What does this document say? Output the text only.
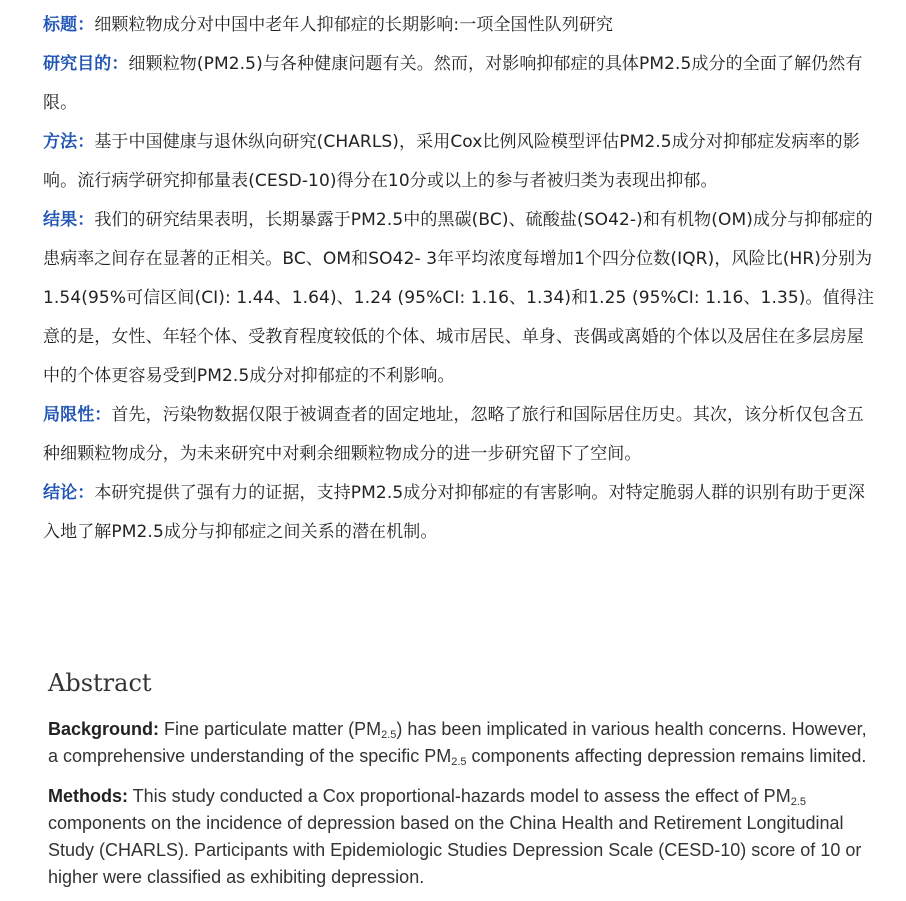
标题：细颗粒物成分对中国中老年人抑郁症的长期影响:一项全国性队列研究

研究目的：细颗粒物(PM2.5)与各种健康问题有关。然而，对影响抑郁症的具体PM2.5成分的全面了解仍然有限。

方法：基于中国健康与退休纵向研究(CHARLS)，采用Cox比例风险模型评估PM2.5成分对抑郁症发病率的影响。流行病学研究抑郁量表(CESD-10)得分在10分或以上的参与者被归类为表现出抑郁。

结果：我们的研究结果表明，长期暴露于PM2.5中的黑碳(BC)、硫酸盐(SO42-)和有机物(OM)成分与抑郁症的患病率之间存在显著的正相关。BC、OM和SO42- 3年平均浓度每增加1个四分位数(IQR)，风险比(HR)分别为1.54(95%可信区间(CI): 1.44、1.64)、1.24 (95%CI: 1.16、1.34)和1.25 (95%CI: 1.16、1.35)。值得注意的是，女性、年轻个体、受教育程度较低的个体、城市居民、单身、丧偶或离婚的个体以及居住在多层房屋中的个体更容易受到PM2.5成分对抑郁症的不利影响。

局限性：首先，污染物数据仅限于被调查者的固定地址，忽略了旅行和国际居住历史。其次，该分析仅包含五种细颗粒物成分，为未来研究中对剩余细颗粒物成分的进一步研究留下了空间。

结论：本研究提供了强有力的证据，支持PM2.5成分对抑郁症的有害影响。对特定脆弱人群的识别有助于更深入地了解PM2.5成分与抑郁症之间关系的潜在机制。

Abstract

Background: Fine particulate matter $(PM_{2.5})$ has been implicated in various health concerns. However, a comprehensive understanding of the specific $PM_{2.5}$ components affecting depression remains limited.

Methods: This study conducted a Cox proportional-hazards model to assess the effect of $PM_{2.5}$ components on the incidence of depression based on the China Health and Retirement Longitudinal Study (CHARLS). Participants with Epidemiologic Studies Depression Scale (CESD-10) score of 10 or higher were classified as exhibiting depression.
